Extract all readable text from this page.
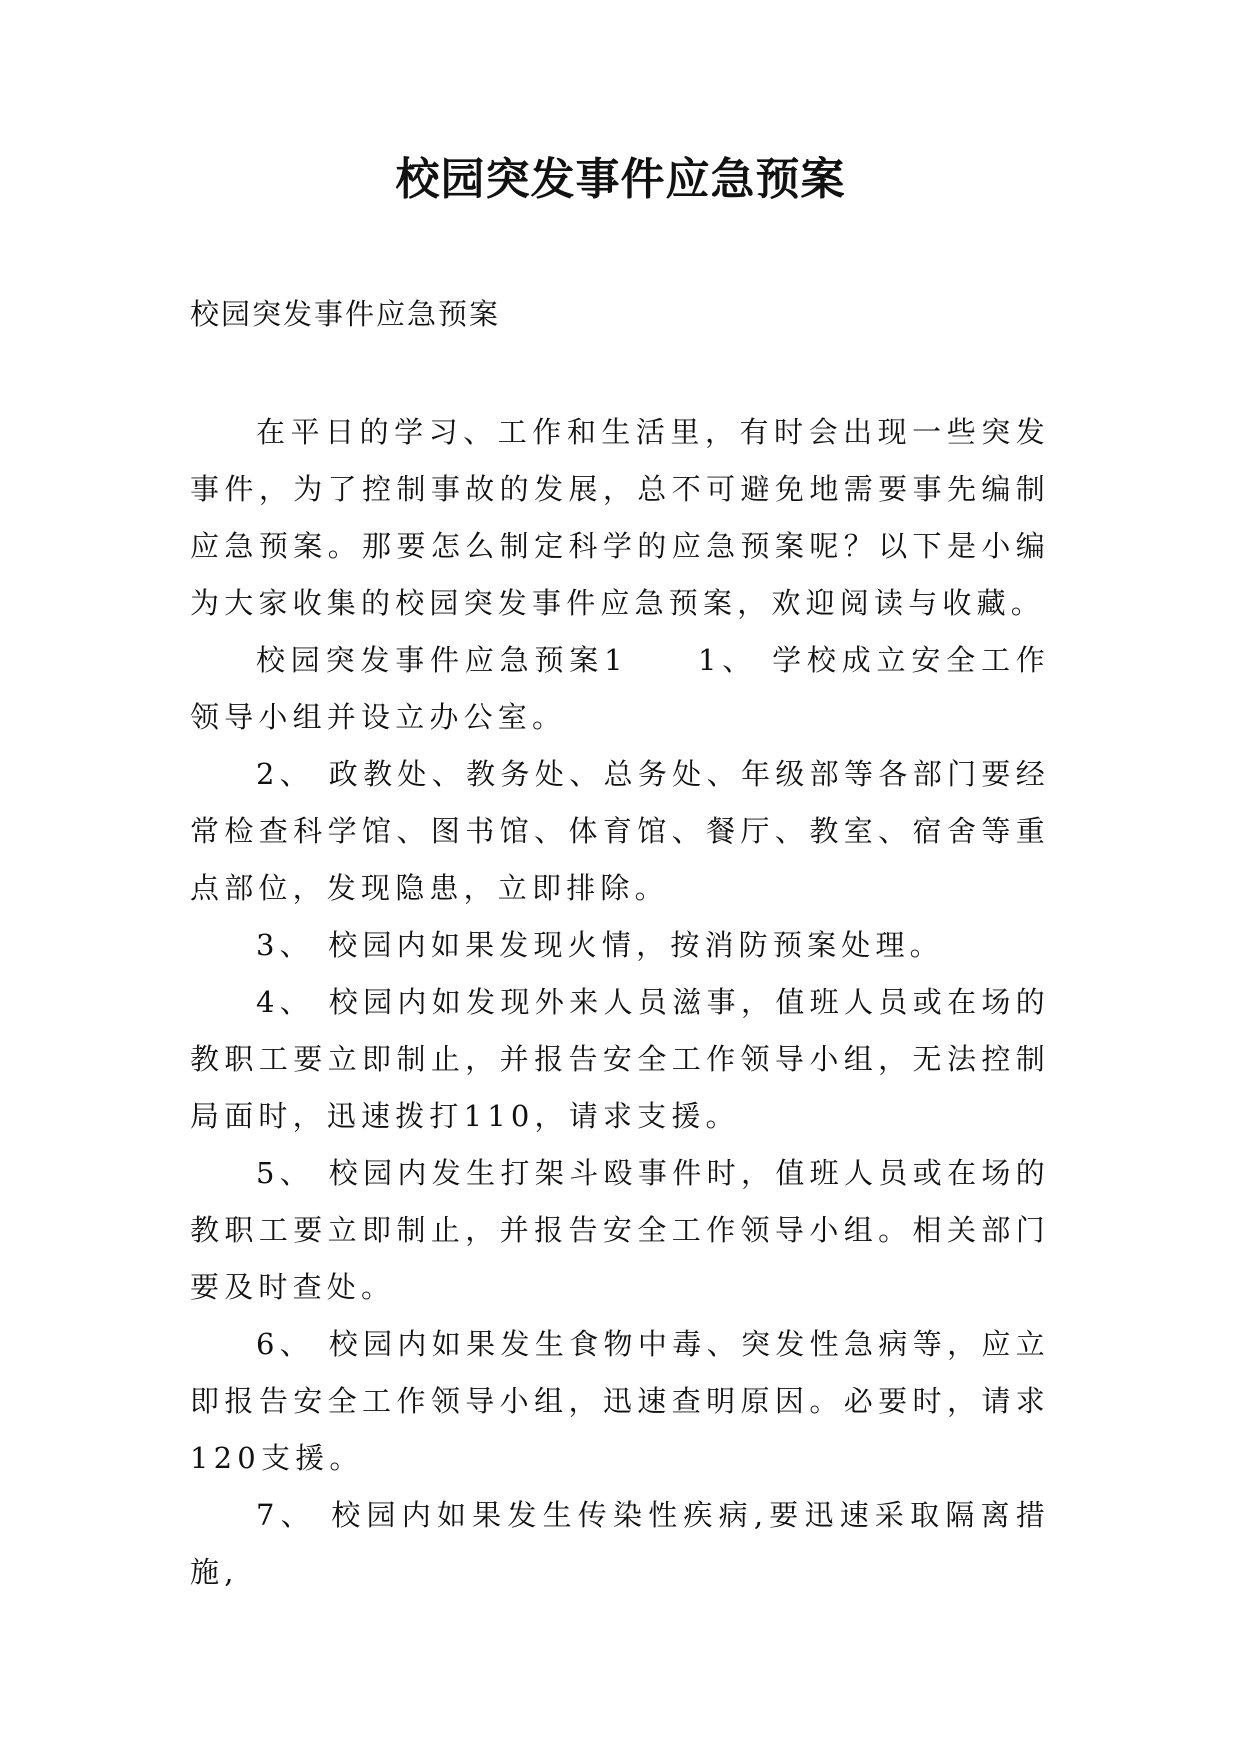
校园突发事件应急预案

校园突发事件应急预案

在平日的学习、工作和生活里，有时会出现一些突发事件，为了控制事故的发展，总不可避免地需要事先编制应急预案。那要怎么制定科学的应急预案呢？以下是小编为大家收集的校园突发事件应急预案，欢迎阅读与收藏。

校园突发事件应急预案1　　1、 学校成立安全工作领导小组并设立办公室。

2、 政教处、教务处、总务处、年级部等各部门要经常检查科学馆、图书馆、体育馆、餐厅、教室、宿舍等重点部位，发现隐患，立即排除。

3、 校园内如果发现火情，按消防预案处理。

4、 校园内如发现外来人员滋事，值班人员或在场的教职工要立即制止，并报告安全工作领导小组，无法控制局面时，迅速拨打110，请求支援。

5、 校园内发生打架斗殴事件时，值班人员或在场的教职工要立即制止，并报告安全工作领导小组。相关部门要及时查处。

6、 校园内如果发生食物中毒、突发性急病等，应立即报告安全工作领导小组，迅速查明原因。必要时，请求120支援。

7、 校园内如果发生传染性疾病,要迅速采取隔离措施,
